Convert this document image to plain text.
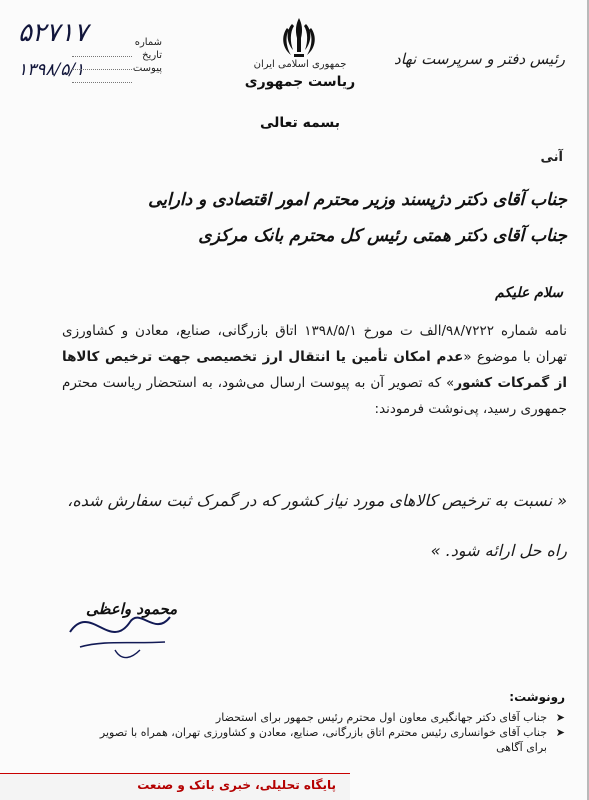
۵۲۷۱۷
۱۳۹۸/۵/۱
شماره
تاریخ
پیوست	جمهوری اسلامی ایران
ریاست جمهوری
بسمه تعالی
رئیس دفتر و سرپرست نهاد
آنی
جناب آقای دکتر دژپسند وزیر محترم امور اقتصادی و دارایی
جناب آقای دکتر همتی رئیس کل محترم بانک مرکزی
سلام علیکم
نامه شماره ۹۸/۷۲۲۲/الف ت مورخ ۱۳۹۸/۵/۱ اتاق بازرگانی، صنایع، معادن و کشاورزی تهران با موضوع «عدم امکان تأمین یا انتقال ارز تخصیصی جهت ترخیص کالاها از گمرکات کشور» که تصویر آن به پیوست ارسال می‌شود، به استحضار ریاست محترم جمهوری رسید، پی‌نوشت فرمودند:
« نسبت به ترخیص کالاهای مورد نیاز کشور که در گمرک ثبت سفارش شده، راه حل ارائه شود. »
محمود واعظی
رونوشت:
➤
جناب آقای دکتر جهانگیری معاون اول محترم رئیس جمهور برای استحضار
➤
جناب آقای خوانساری رئیس محترم اتاق بازرگانی، صنایع، معادن و کشاورزی تهران، همراه با تصویر برای آگاهی
پایگاه تحلیلی، خبری بانک و صنعت
